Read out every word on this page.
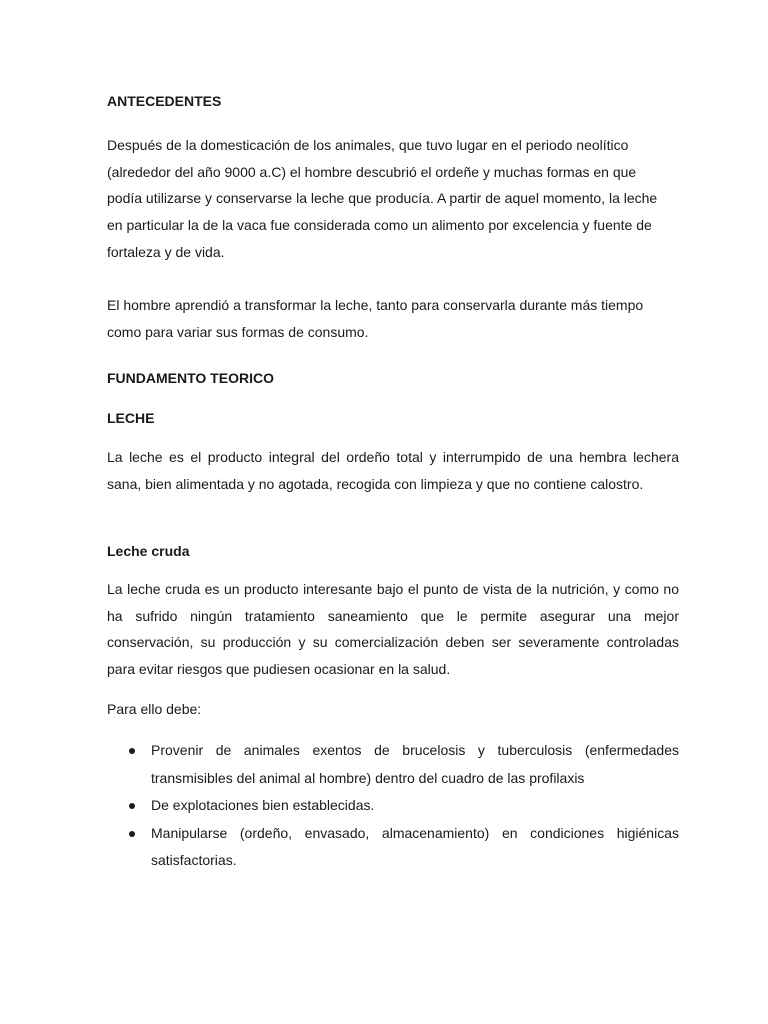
ANTECEDENTES

Después de la domesticación de los animales, que tuvo lugar en el periodo neolítico (alrededor del año 9000 a.C) el hombre descubrió el ordeñe y muchas formas en que podía utilizarse y conservarse la leche que producía. A partir de aquel momento, la leche en particular la de la vaca fue considerada como un alimento por excelencia y fuente de fortaleza y de vida.

El hombre aprendió a transformar la leche, tanto para conservarla durante más tiempo como para variar sus formas de consumo.

FUNDAMENTO TEORICO
LECHE

La leche es el producto integral del ordeño total y interrumpido de una hembra lechera sana, bien alimentada y no agotada, recogida con limpieza y que no contiene calostro.

Leche cruda

La leche cruda es un producto interesante bajo el punto de vista de la nutrición, y como no ha sufrido ningún tratamiento saneamiento que le permite asegurar una mejor conservación, su producción y su comercialización deben ser severamente controladas para evitar riesgos que pudiesen ocasionar en la salud.

Para ello debe:

Provenir de animales exentos de brucelosis y tuberculosis (enfermedades transmisibles del animal al hombre) dentro del cuadro de las profilaxis
De explotaciones bien establecidas.
Manipularse (ordeño, envasado, almacenamiento) en condiciones higiénicas satisfactorias.
